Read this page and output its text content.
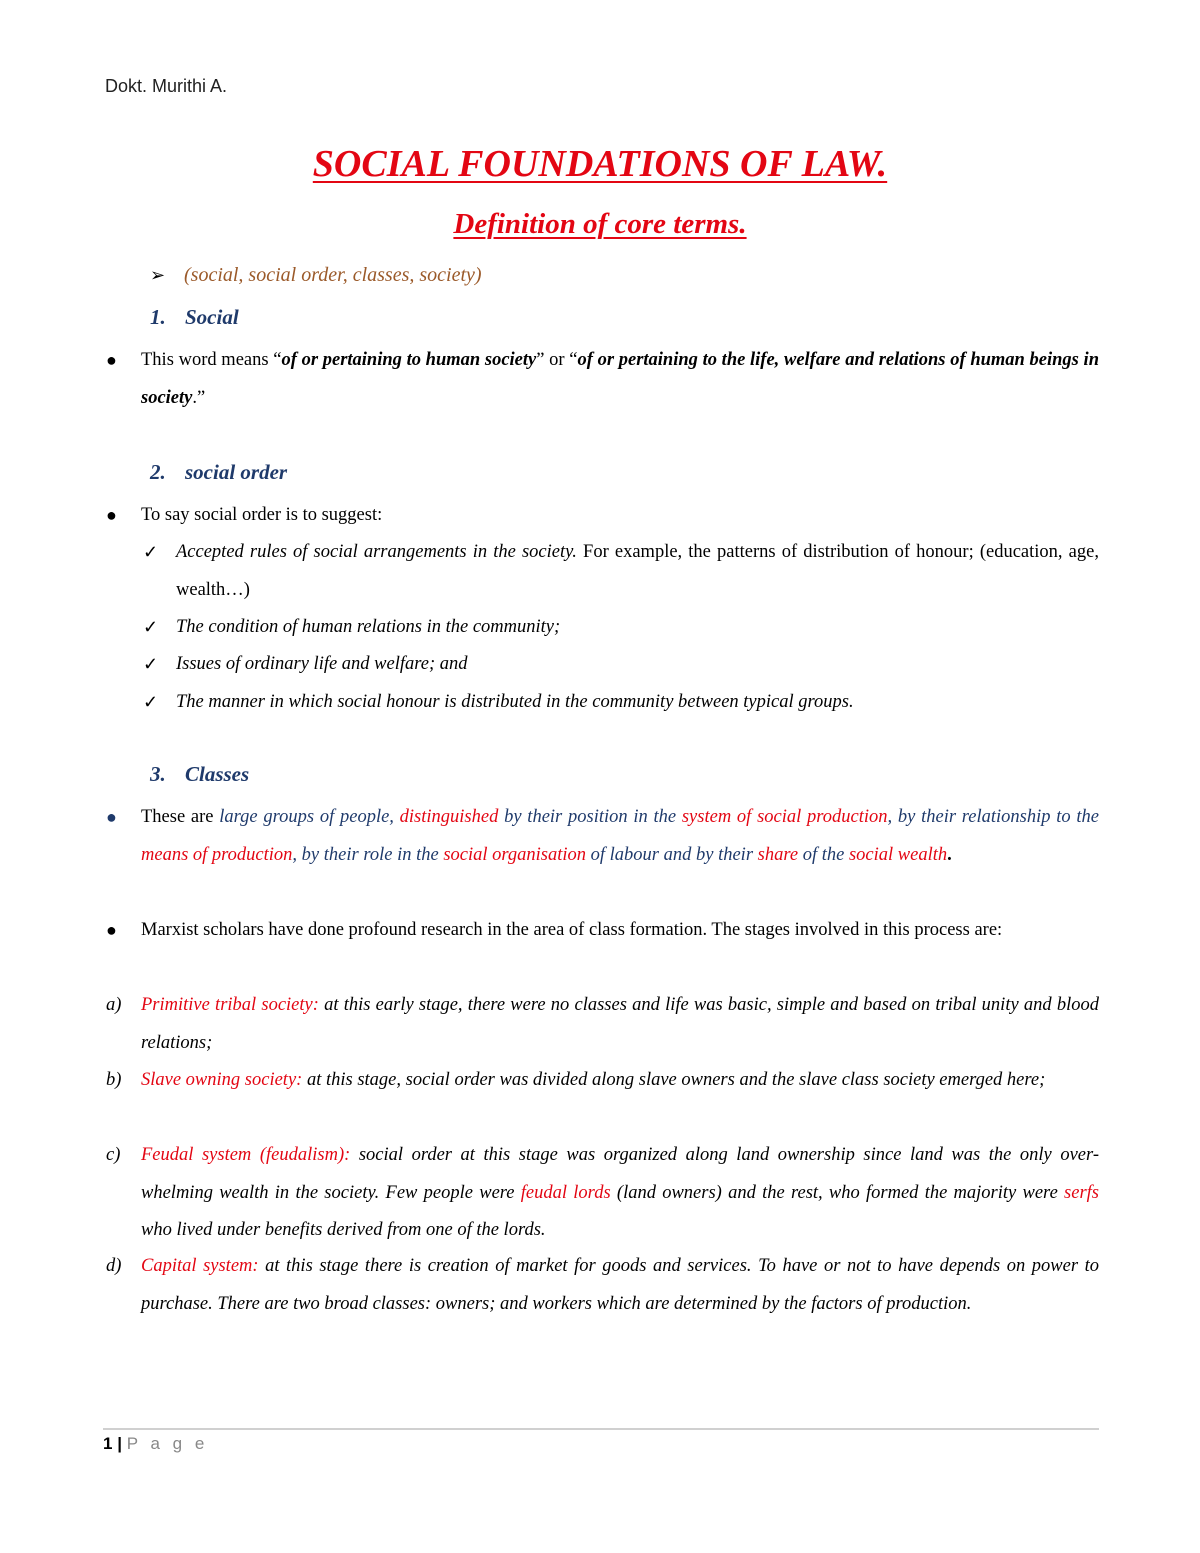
Dokt. Murithi A.
SOCIAL FOUNDATIONS OF LAW.
Definition of core terms.
➢ (social, social order, classes, society)
1. Social
● This word means “of or pertaining to human society” or “of or pertaining to the life, welfare and relations of human beings in society.”
2. social order
● To say social order is to suggest:
✓ Accepted rules of social arrangements in the society. For example, the patterns of distribution of honour; (education, age, wealth…)
✓ The condition of human relations in the community;
✓ Issues of ordinary life and welfare; and
✓ The manner in which social honour is distributed in the community between typical groups.
3. Classes
● These are large groups of people, distinguished by their position in the system of social production, by their relationship to the means of production, by their role in the social organisation of labour and by their share of the social wealth.
● Marxist scholars have done profound research in the area of class formation. The stages involved in this process are:
a) Primitive tribal society: at this early stage, there were no classes and life was basic, simple and based on tribal unity and blood relations;
b) Slave owning society: at this stage, social order was divided along slave owners and the slave class society emerged here;
c) Feudal system (feudalism): social order at this stage was organized along land ownership since land was the only over-whelming wealth in the society. Few people were feudal lords (land owners) and the rest, who formed the majority were serfs who lived under benefits derived from one of the lords.
d) Capital system: at this stage there is creation of market for goods and services. To have or not to have depends on power to purchase. There are two broad classes: owners; and workers which are determined by the factors of production.
1 | P a g e
